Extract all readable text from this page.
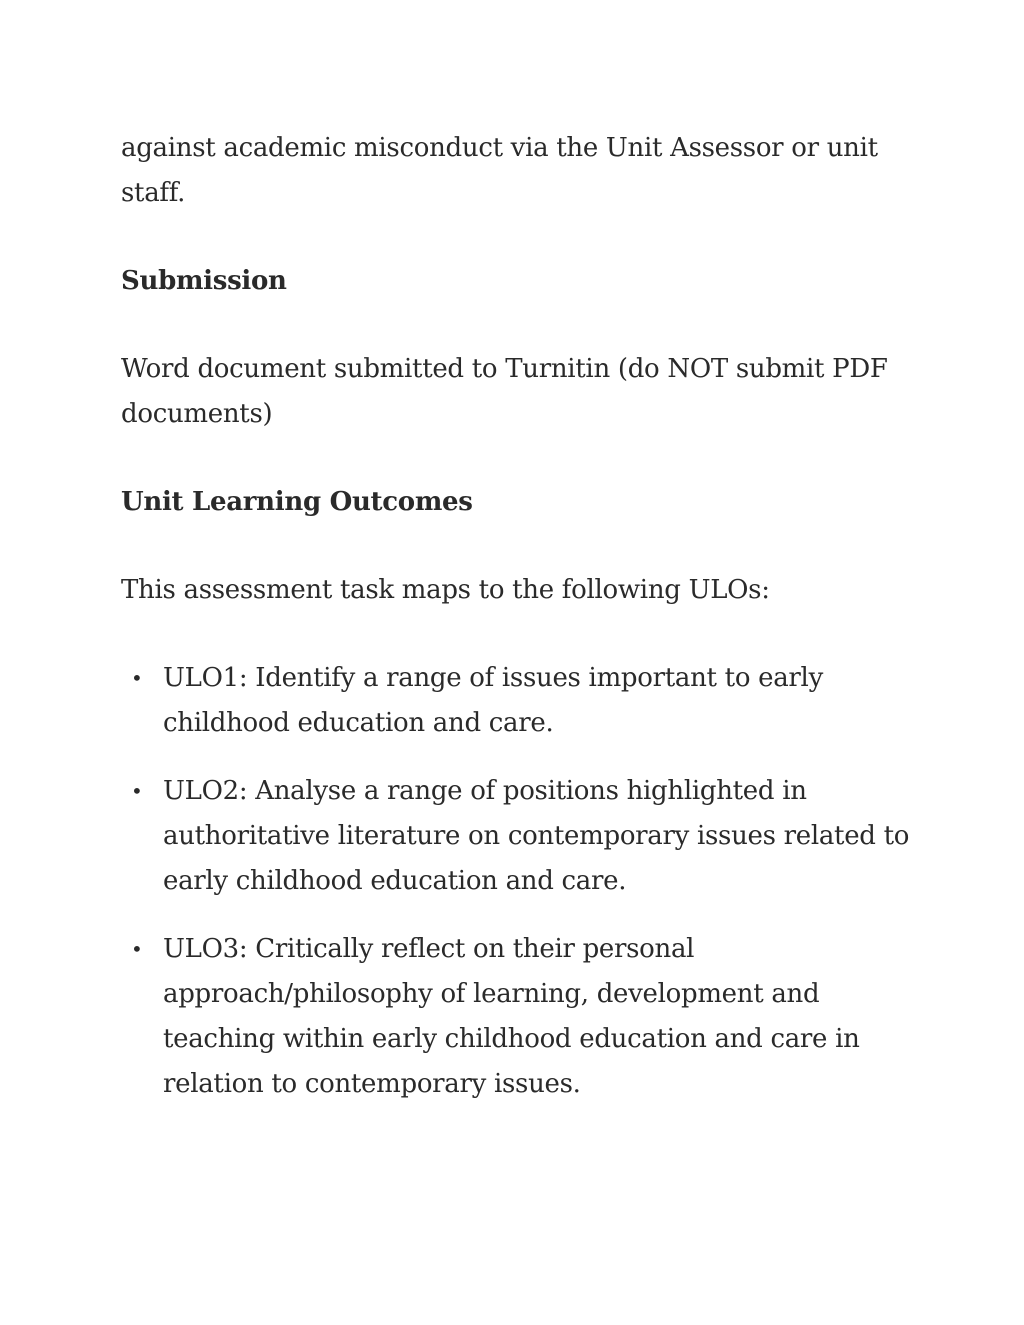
against academic misconduct via the Unit Assessor or unit staff.

Submission

Word document submitted to Turnitin (do NOT submit PDF documents)

Unit Learning Outcomes

This assessment task maps to the following ULOs:

• ULO1: Identify a range of issues important to early childhood education and care.
• ULO2: Analyse a range of positions highlighted in authoritative literature on contemporary issues related to early childhood education and care.
• ULO3: Critically reflect on their personal approach/philosophy of learning, development and teaching within early childhood education and care in relation to contemporary issues.
